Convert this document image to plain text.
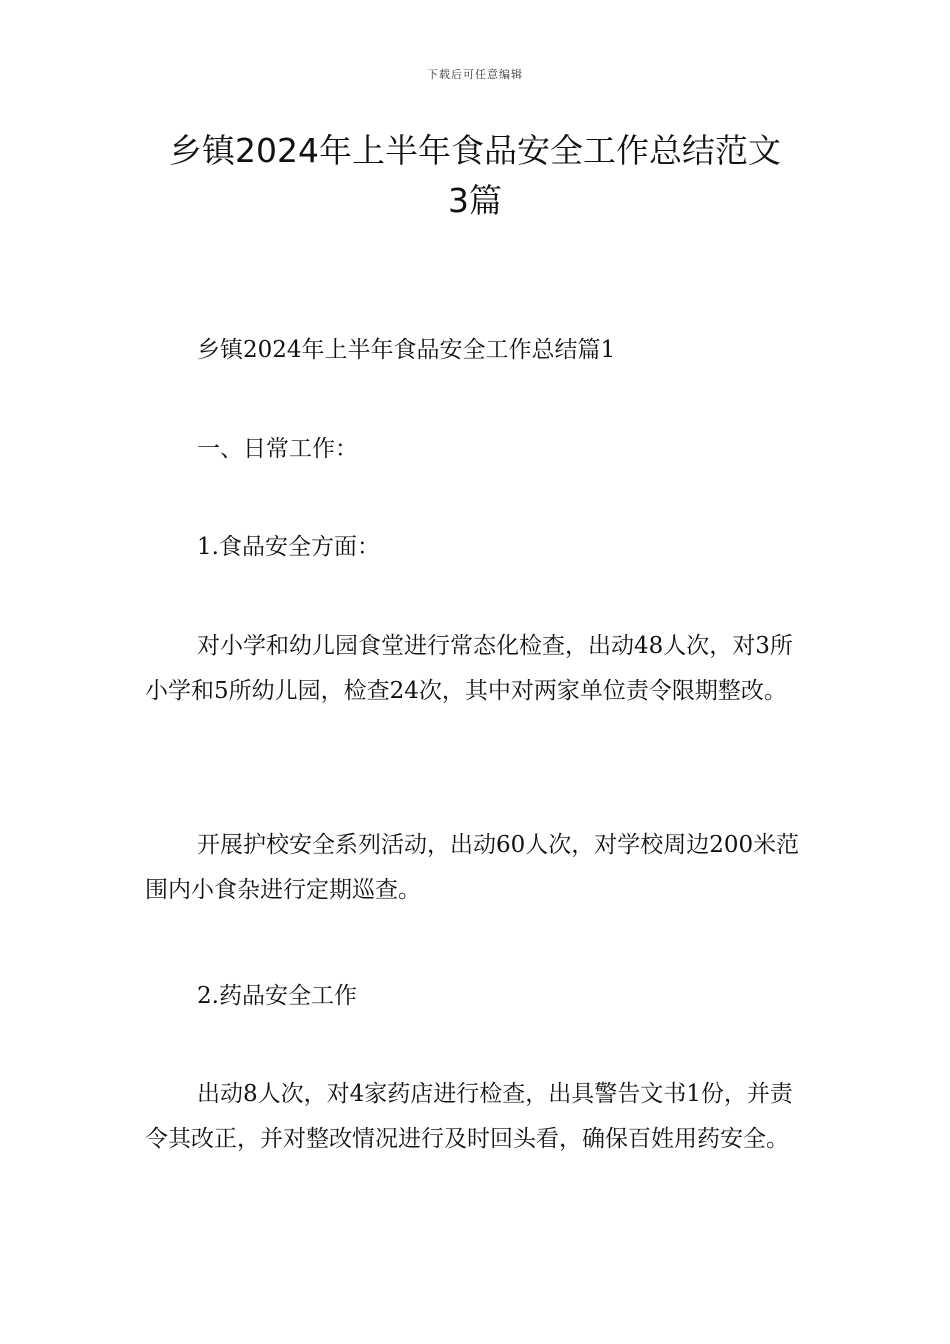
下载后可任意编辑
乡镇2024年上半年食品安全工作总结范文
3篇

乡镇2024年上半年食品安全工作总结篇1

一、日常工作：

1.食品安全方面：

对小学和幼儿园食堂进行常态化检查，出动48人次，对3所小学和5所幼儿园，检查24次，其中对两家单位责令限期整改。

开展护校安全系列活动，出动60人次，对学校周边200米范围内小食杂进行定期巡查。

2.药品安全工作

出动8人次，对4家药店进行检查，出具警告文书1份，并责令其改正，并对整改情况进行及时回头看，确保百姓用药安全。
